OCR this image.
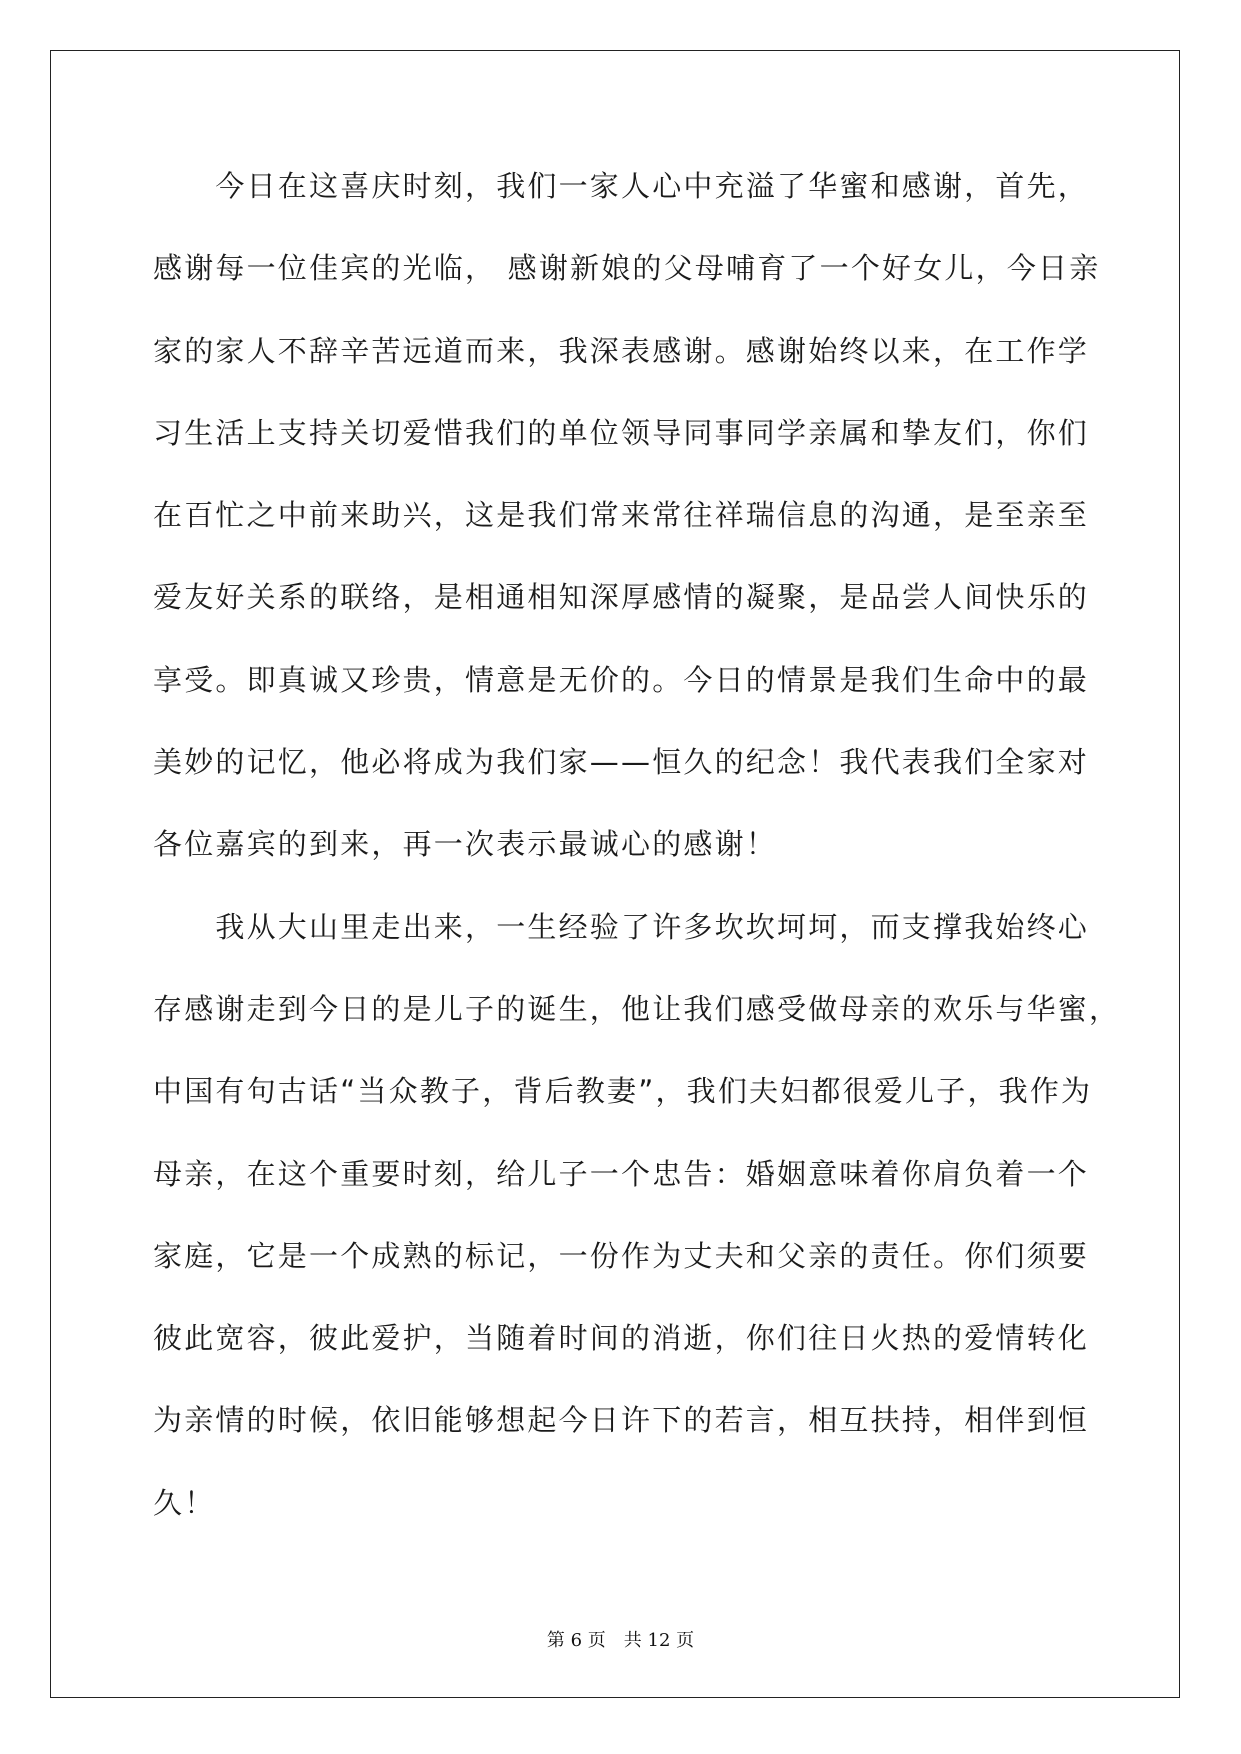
　　今日在这喜庆时刻，我们一家人心中充溢了华蜜和感谢，首先，
感谢每一位佳宾的光临， 感谢新娘的父母哺育了一个好女儿，今日亲
家的家人不辞辛苦远道而来，我深表感谢。感谢始终以来，在工作学
习生活上支持关切爱惜我们的单位领导同事同学亲属和挚友们，你们
在百忙之中前来助兴，这是我们常来常往祥瑞信息的沟通，是至亲至
爱友好关系的联络，是相通相知深厚感情的凝聚，是品尝人间快乐的
享受。即真诚又珍贵，情意是无价的。今日的情景是我们生命中的最
美妙的记忆，他必将成为我们家——恒久的纪念！我代表我们全家对
各位嘉宾的到来，再一次表示最诚心的感谢！
　　我从大山里走出来，一生经验了许多坎坎坷坷，而支撑我始终心
存感谢走到今日的是儿子的诞生，他让我们感受做母亲的欢乐与华蜜，
中国有句古话“当众教子，背后教妻”，我们夫妇都很爱儿子，我作为
母亲，在这个重要时刻，给儿子一个忠告：婚姻意味着你肩负着一个
家庭，它是一个成熟的标记，一份作为丈夫和父亲的责任。你们须要
彼此宽容，彼此爱护，当随着时间的消逝，你们往日火热的爱情转化
为亲情的时候，依旧能够想起今日许下的若言，相互扶持，相伴到恒
久！
第 6 页　共 12 页
